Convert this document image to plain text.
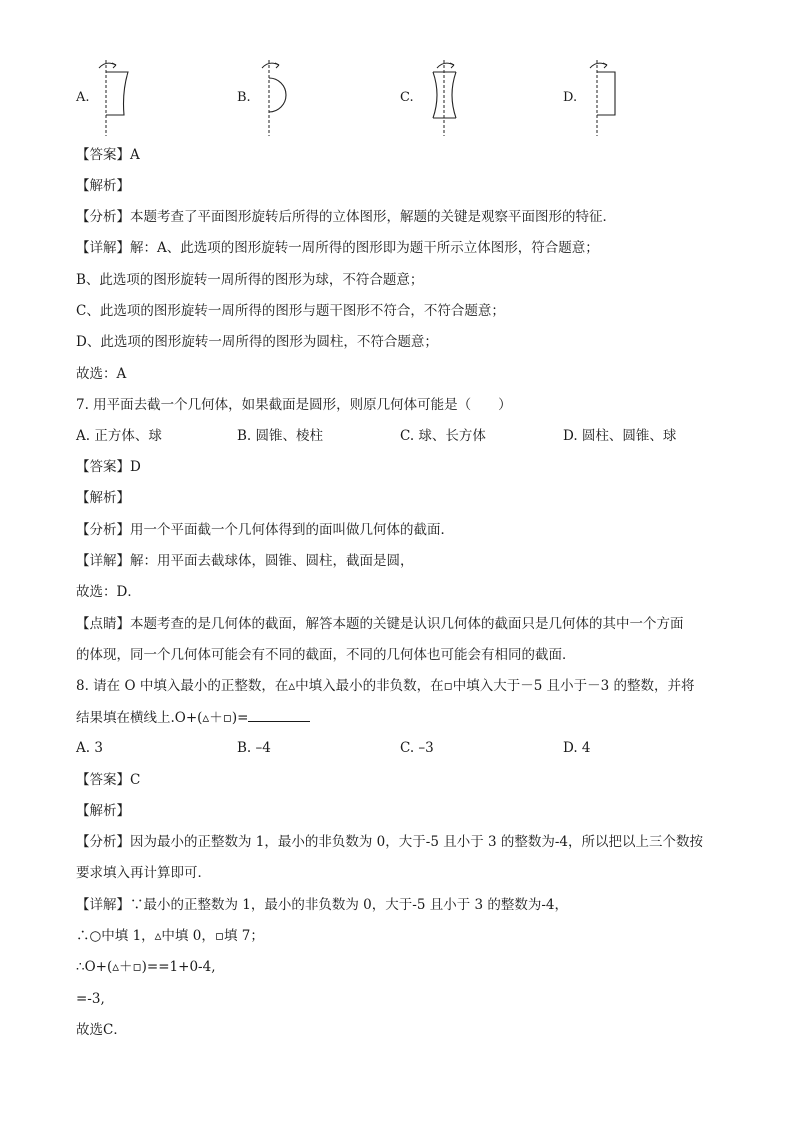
A.	B.	C.	D.
【答案】A
【解析】
【分析】本题考查了平面图形旋转后所得的立体图形，解题的关键是观察平面图形的特征．
【详解】解：A、此选项的图形旋转一周所得的图形即为题干所示立体图形，符合题意；
B、此选项的图形旋转一周所得的图形为球，不符合题意；
C、此选项的图形旋转一周所得的图形与题干图形不符合，不符合题意；
D、此选项的图形旋转一周所得的图形为圆柱，不符合题意；
故选：A
7. 用平面去截一个几何体，如果截面是圆形，则原几何体可能是（　　）
A. 正方体、球	B. 圆锥、棱柱	C. 球、长方体	D. 圆柱、圆锥、球
【答案】D
【解析】
【分析】用一个平面截一个几何体得到的面叫做几何体的截面．
【详解】解：用平面去截球体，圆锥、圆柱，截面是圆，
故选：D．
【点睛】本题考查的是几何体的截面，解答本题的关键是认识几何体的截面只是几何体的其中一个方面
的体现，同一个几何体可能会有不同的截面，不同的几何体也可能会有相同的截面．
8. 请在 O 中填入最小的正整数，在▵中填入最小的非负数，在▫中填入大于－5 且小于－3 的整数，并将
结果填在横线上.O+(▵＋▫)=
A. 3	B. –4	C. –3	D. 4
【答案】C
【解析】
【分析】因为最小的正整数为 1，最小的非负数为 0，大于-5 且小于 3 的整数为-4，所以把以上三个数按
要求填入再计算即可．
【详解】∵最小的正整数为 1，最小的非负数为 0，大于-5 且小于 3 的整数为-4，
∴○中填 1，▵中填 0，▫填 7；
∴O+(▵＋▫)==1+0-4,
=-3,
故选C．
